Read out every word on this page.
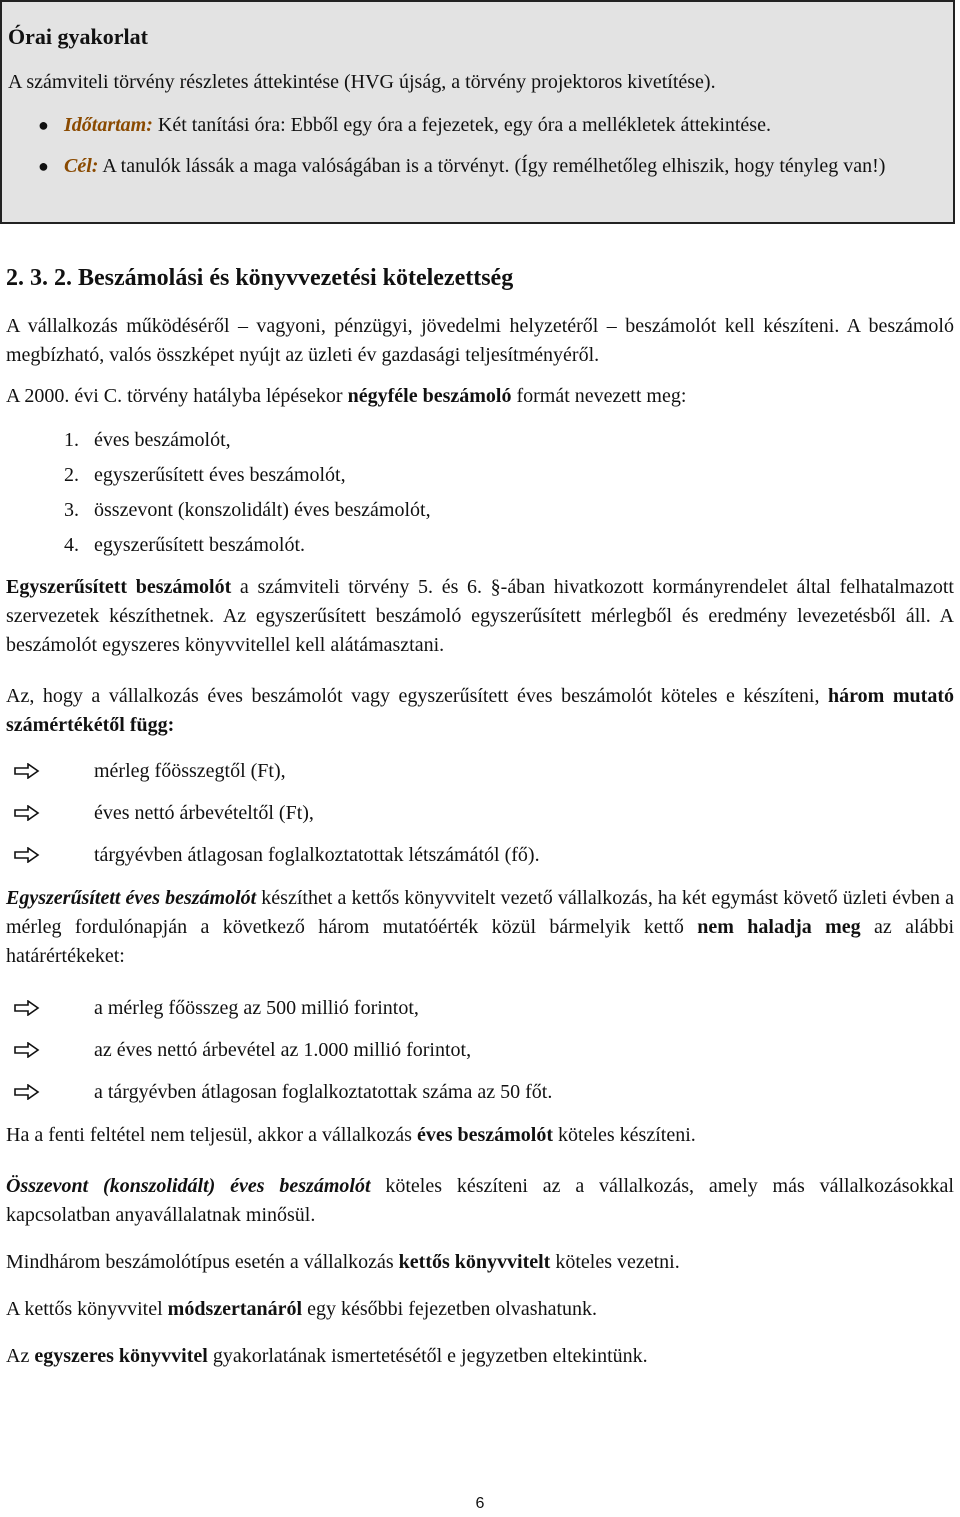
Órai gyakorlat

A számviteli törvény részletes áttekintése (HVG újság, a törvény projektoros kivetítése).

● Időtartam: Két tanítási óra: Ebből egy óra a fejezetek, egy óra a mellékletek áttekintése.
● Cél: A tanulók lássák a maga valóságában is a törvényt. (Így remélhetőleg elhiszik, hogy tényleg van!)
2. 3. 2. Beszámolási és könyvvezetési kötelezettség

A vállalkozás működéséről – vagyoni, pénzügyi, jövedelmi helyzetéről – beszámolót kell készíteni. A beszámoló megbízható, valós összképet nyújt az üzleti év gazdasági teljesítményéről.

A 2000. évi C. törvény hatályba lépésekor négyféle beszámoló formát nevezett meg:

1. éves beszámolót,
2. egyszerűsített éves beszámolót,
3. összevont (konszolidált) éves beszámolót,
4. egyszerűsített beszámolót.

Egyszerűsített beszámolót a számviteli törvény 5. és 6. §-ában hivatkozott kormányrendelet által felhatalmazott szervezetek készíthetnek. Az egyszerűsített beszámoló egyszerűsített mérlegből és eredmény levezetésből áll. A beszámolót egyszeres könyvvitellel kell alátámasztani.

Az, hogy a vállalkozás éves beszámolót vagy egyszerűsített éves beszámolót köteles e készíteni, három mutató számértékétől függ:

mérleg főösszegtől (Ft),
éves nettó árbevételtől (Ft),
tárgyévben átlagosan foglalkoztatottak létszámától (fő).

Egyszerűsített éves beszámolót készíthet a kettős könyvvitelt vezető vállalkozás, ha két egymást követő üzleti évben a mérleg fordulónapján a következő három mutatóérték közül bármelyik kettő nem haladja meg az alábbi határértékeket:

a mérleg főösszeg az 500 millió forintot,
az éves nettó árbevétel az 1.000 millió forintot,
a tárgyévben átlagosan foglalkoztatottak száma az 50 főt.

Ha a fenti feltétel nem teljesül, akkor a vállalkozás éves beszámolót köteles készíteni.

Összevont (konszolidált) éves beszámolót köteles készíteni az a vállalkozás, amely más vállalkozásokkal kapcsolatban anyavállalatnak minősül.

Mindhárom beszámolótípus esetén a vállalkozás kettős könyvvitelt köteles vezetni.

A kettős könyvvitel módszertanáról egy későbbi fejezetben olvashatunk.

Az egyszeres könyvvitel gyakorlatának ismertetésétől e jegyzetben eltekintünk.

6
